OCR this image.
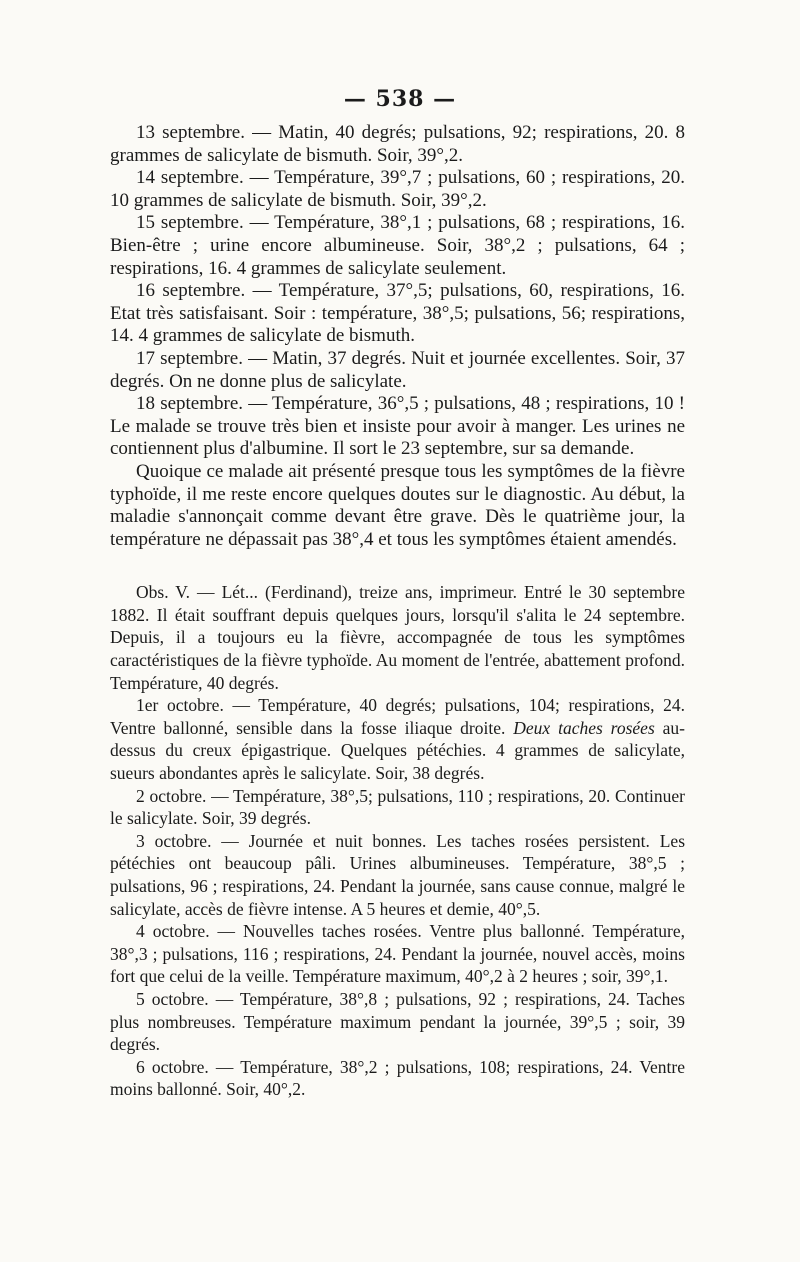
— 538 —

13 septembre. — Matin, 40 degrés; pulsations, 92; respirations, 20. 8 grammes de salicylate de bismuth. Soir, 39°,2.

14 septembre. — Température, 39°,7 ; pulsations, 60 ; respirations, 20. 10 grammes de salicylate de bismuth. Soir, 39°,2.

15 septembre. — Température, 38°,1 ; pulsations, 68 ; respirations, 16. Bien-être ; urine encore albumineuse. Soir, 38°,2 ; pulsations, 64 ; respirations, 16. 4 grammes de salicylate seulement.

16 septembre. — Température, 37°,5; pulsations, 60, respirations, 16. Etat très satisfaisant. Soir : température, 38°,5; pulsations, 56; respirations, 14. 4 grammes de salicylate de bismuth.

17 septembre. — Matin, 37 degrés. Nuit et journée excellentes. Soir, 37 degrés. On ne donne plus de salicylate.

18 septembre. — Température, 36°,5 ; pulsations, 48 ; respirations, 10 ! Le malade se trouve très bien et insiste pour avoir à manger. Les urines ne contiennent plus d'albumine. Il sort le 23 septembre, sur sa demande.

Quoique ce malade ait présenté presque tous les symptômes de la fièvre typhoïde, il me reste encore quelques doutes sur le diagnostic. Au début, la maladie s'annonçait comme devant être grave. Dès le quatrième jour, la température ne dépassait pas 38°,4 et tous les symptômes étaient amendés.

Obs. V. — Lét... (Ferdinand), treize ans, imprimeur. Entré le 30 septembre 1882. Il était souffrant depuis quelques jours, lorsqu'il s'alita le 24 septembre. Depuis, il a toujours eu la fièvre, accompagnée de tous les symptômes caractéristiques de la fièvre typhoïde. Au moment de l'entrée, abattement profond. Température, 40 degrés.

1er octobre. — Température, 40 degrés; pulsations, 104; respirations, 24. Ventre ballonné, sensible dans la fosse iliaque droite. Deux taches rosées au-dessus du creux épigastrique. Quelques pétéchies. 4 grammes de salicylate, sueurs abondantes après le salicylate. Soir, 38 degrés.

2 octobre. — Température, 38°,5; pulsations, 110 ; respirations, 20. Continuer le salicylate. Soir, 39 degrés.

3 octobre. — Journée et nuit bonnes. Les taches rosées persistent. Les pétéchies ont beaucoup pâli. Urines albumineuses. Température, 38°,5 ; pulsations, 96 ; respirations, 24. Pendant la journée, sans cause connue, malgré le salicylate, accès de fièvre intense. A 5 heures et demie, 40°,5.

4 octobre. — Nouvelles taches rosées. Ventre plus ballonné. Température, 38°,3 ; pulsations, 116 ; respirations, 24. Pendant la journée, nouvel accès, moins fort que celui de la veille. Température maximum, 40°,2 à 2 heures ; soir, 39°,1.

5 octobre. — Température, 38°,8 ; pulsations, 92 ; respirations, 24. Taches plus nombreuses. Température maximum pendant la journée, 39°,5 ; soir, 39 degrés.

6 octobre. — Température, 38°,2 ; pulsations, 108; respirations, 24. Ventre moins ballonné. Soir, 40°,2.
